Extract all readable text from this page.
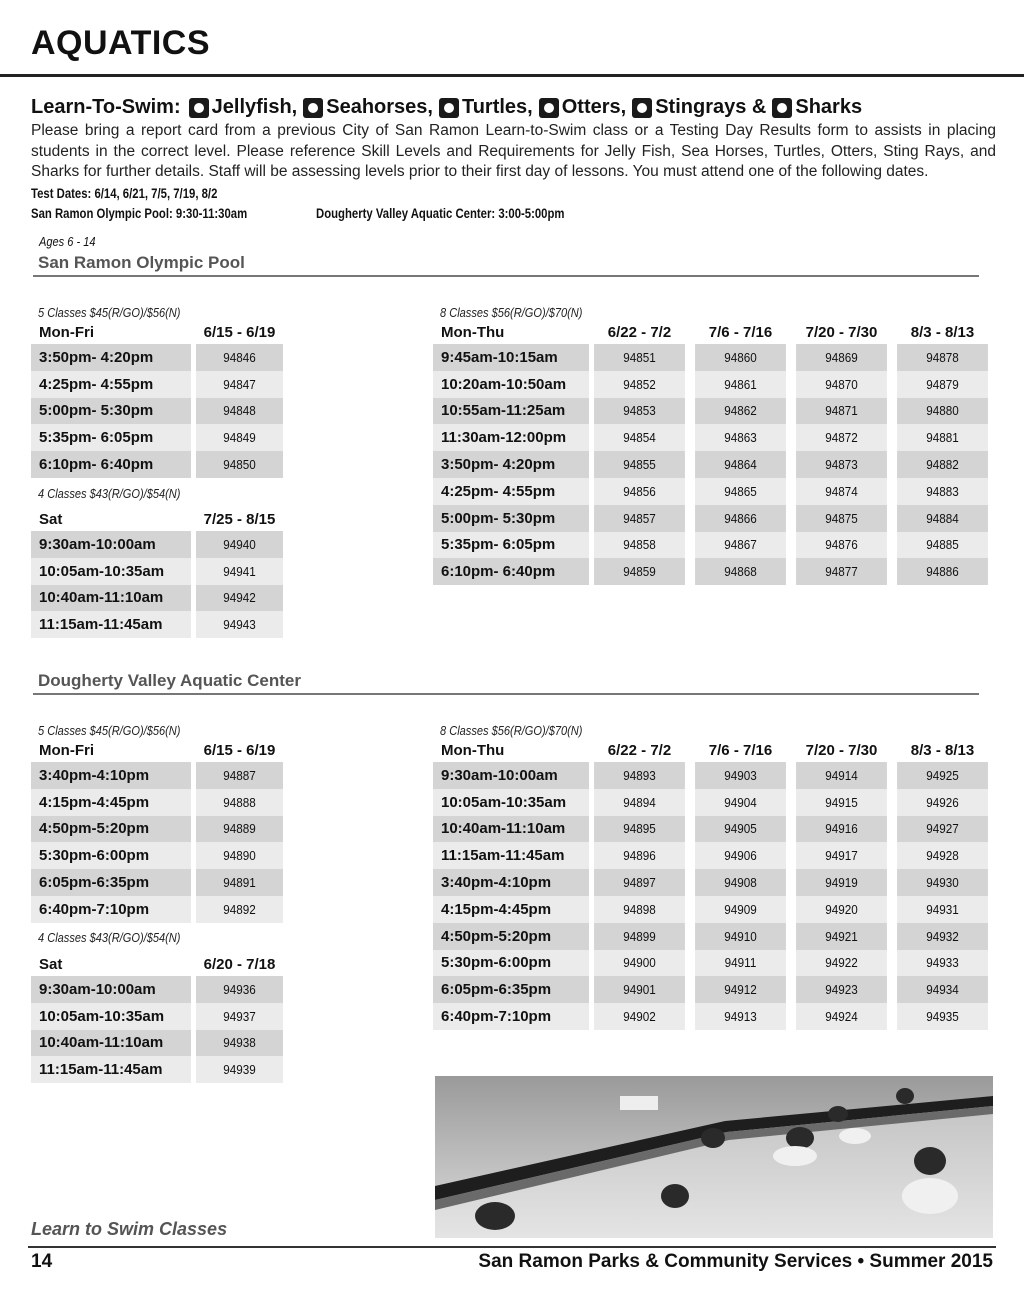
AQUATICS
Learn-To-Swim: Jellyfish, Seahorses, Turtles, Otters, Stingrays & Sharks
Please bring a report card from a previous City of San Ramon Learn-to-Swim class or a Testing Day Results form to assists in placing students in the correct level. Please reference Skill Levels and Requirements for Jelly Fish, Sea Horses, Turtles, Otters, Sting Rays, and Sharks for further details. Staff will be assessing levels prior to their first day of lessons. You must attend one of the following dates.
Test Dates: 6/14, 6/21, 7/5, 7/19, 8/2
San Ramon Olympic Pool: 9:30-11:30am	Dougherty Valley Aquatic Center: 3:00-5:00pm
Ages 6 - 14
San Ramon Olympic Pool
5 Classes $45(R/GO)/$56(N)
Mon-Fri	6/15 - 6/19
3:50pm- 4:20pm	94846
4:25pm- 4:55pm	94847
5:00pm- 5:30pm	94848
5:35pm- 6:05pm	94849
6:10pm- 6:40pm	94850
4 Classes $43(R/GO)/$54(N)
Sat	7/25 - 8/15
9:30am-10:00am	94940
10:05am-10:35am	94941
10:40am-11:10am	94942
11:15am-11:45am	94943
8 Classes $56(R/GO)/$70(N)
Mon-Thu	6/22 - 7/2	7/6 - 7/16	7/20 - 7/30	8/3 - 8/13
9:45am-10:15am	94851	94860	94869	94878
10:20am-10:50am	94852	94861	94870	94879
10:55am-11:25am	94853	94862	94871	94880
11:30am-12:00pm	94854	94863	94872	94881
3:50pm- 4:20pm	94855	94864	94873	94882
4:25pm- 4:55pm	94856	94865	94874	94883
5:00pm- 5:30pm	94857	94866	94875	94884
5:35pm- 6:05pm	94858	94867	94876	94885
6:10pm- 6:40pm	94859	94868	94877	94886
Dougherty Valley Aquatic Center
5 Classes $45(R/GO)/$56(N)
Mon-Fri	6/15 - 6/19
3:40pm-4:10pm	94887
4:15pm-4:45pm	94888
4:50pm-5:20pm	94889
5:30pm-6:00pm	94890
6:05pm-6:35pm	94891
6:40pm-7:10pm	94892
4 Classes $43(R/GO)/$54(N)
Sat	6/20 - 7/18
9:30am-10:00am	94936
10:05am-10:35am	94937
10:40am-11:10am	94938
11:15am-11:45am	94939
8 Classes $56(R/GO)/$70(N)
Mon-Thu	6/22 - 7/2	7/6 - 7/16	7/20 - 7/30	8/3 - 8/13
9:30am-10:00am	94893	94903	94914	94925
10:05am-10:35am	94894	94904	94915	94926
10:40am-11:10am	94895	94905	94916	94927
11:15am-11:45am	94896	94906	94917	94928
3:40pm-4:10pm	94897	94908	94919	94930
4:15pm-4:45pm	94898	94909	94920	94931
4:50pm-5:20pm	94899	94910	94921	94932
5:30pm-6:00pm	94900	94911	94922	94933
6:05pm-6:35pm	94901	94912	94923	94934
6:40pm-7:10pm	94902	94913	94924	94935
Learn to Swim Classes
14	San Ramon Parks & Community Services • Summer 2015
